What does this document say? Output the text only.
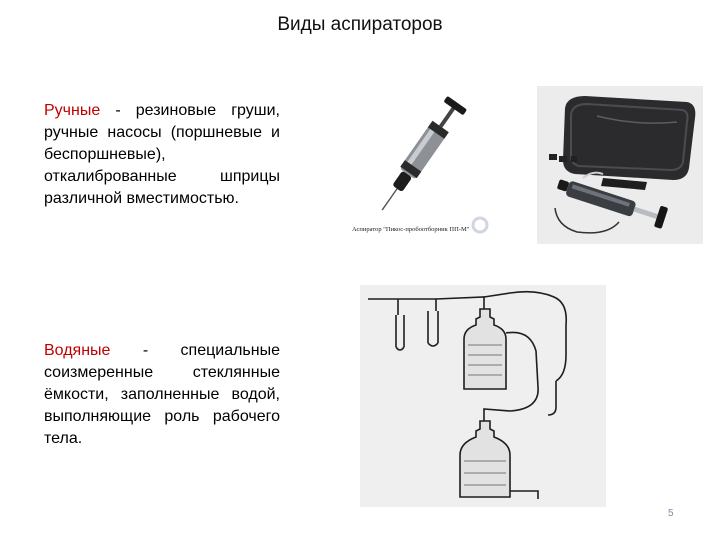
Виды аспираторов
Ручные - резиновые груши, ручные насосы (поршневые и беспоршневые), откалиброванные шприцы различной вместимостью.
Водяные - специальные соизмеренные стеклянные ёмкости, заполненные водой, выполняющие роль рабочего тела.
Аспиратор "Пикос-пробоотборник ПП-М"
5
